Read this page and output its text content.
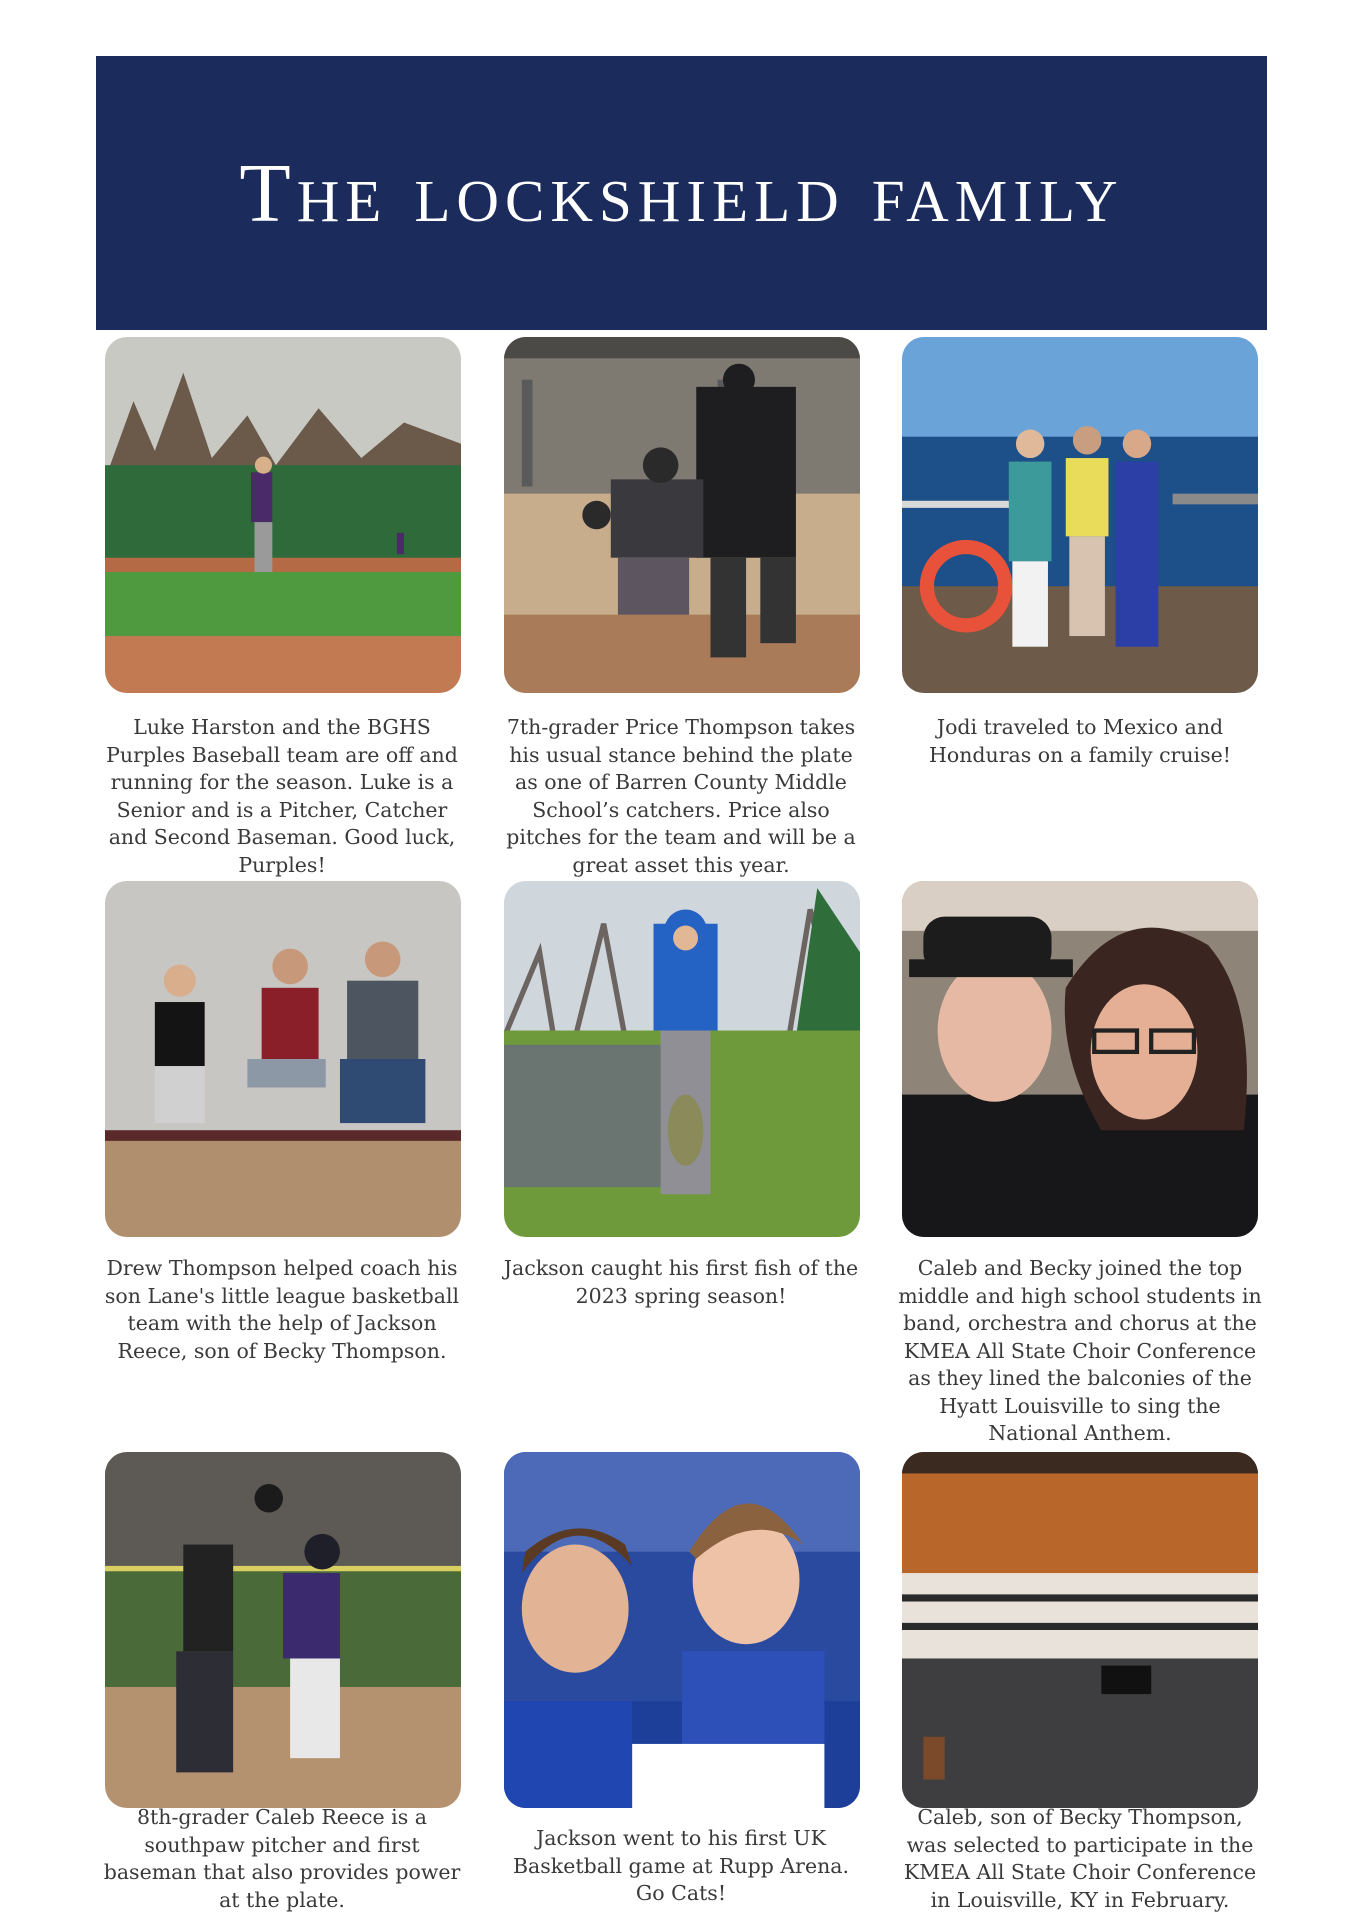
The lockshield family
Luke Harston and the BGHS Purples Baseball team are off and running for the season. Luke is a Senior and is a Pitcher, Catcher and Second Baseman. Good luck, Purples!
7th-grader Price Thompson takes his usual stance behind the plate as one of Barren County Middle School’s catchers. Price also pitches for the team and will be a great asset this year.
Jodi traveled to Mexico and Honduras on a family cruise!
Drew Thompson helped coach his son Lane's little league basketball team with the help of Jackson Reece, son of Becky Thompson.
Jackson caught his first fish of the 2023 spring season!
Caleb and Becky joined the top middle and high school students in band, orchestra and chorus at the KMEA All State Choir Conference as they lined the balconies of the Hyatt Louisville to sing the National Anthem.
8th-grader Caleb Reece is a southpaw pitcher and first baseman that also provides power at the plate.
Jackson went to his first UK Basketball game at Rupp Arena. Go Cats!
Caleb, son of Becky Thompson, was selected to participate in the KMEA All State Choir Conference in Louisville, KY in February.
